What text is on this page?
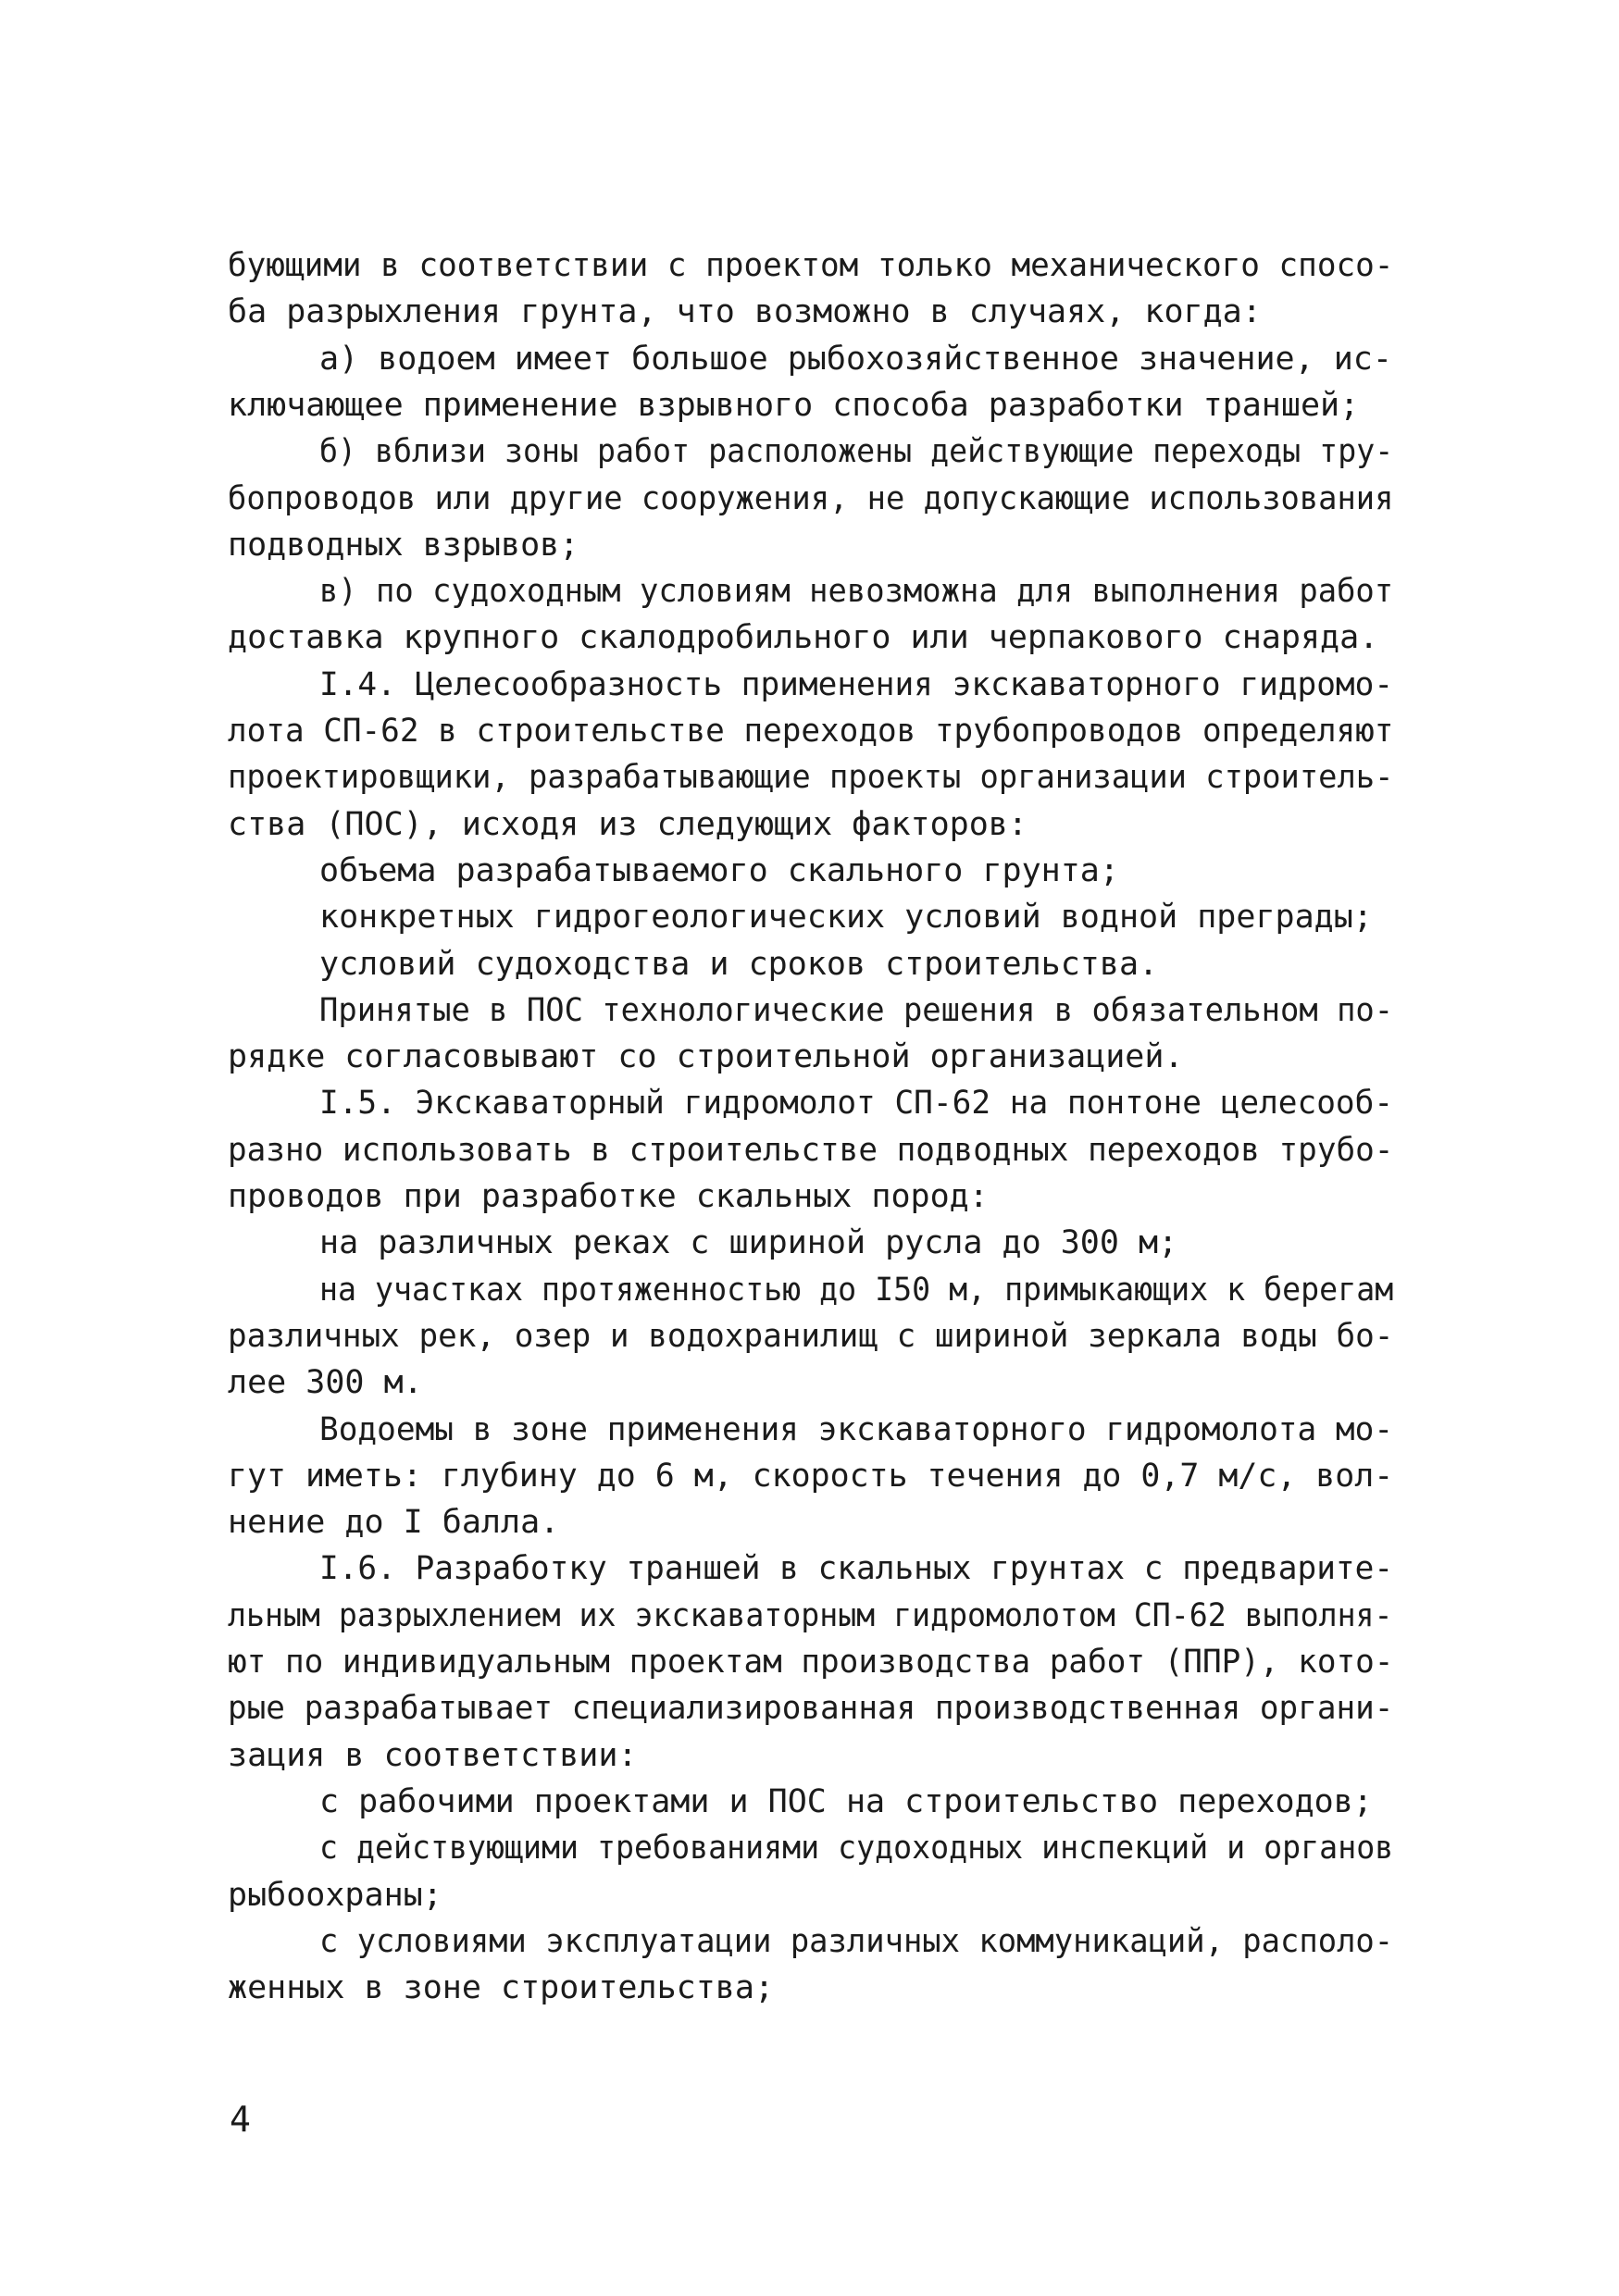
бующими в соответствии с проектом только механического спосо-
ба разрыхления грунта, что возможно в случаях, когда:
а) водоем имеет большое рыбохозяйственное значение, ис-
ключающее применение взрывного способа разработки траншей;
б) вблизи зоны работ расположены действующие переходы тру-
бопроводов или другие сооружения, не допускающие использования
подводных взрывов;
в) по судоходным условиям невозможна для выполнения работ
доставка крупного скалодробильного или черпакового снаряда.
I.4. Целесообразность применения экскаваторного гидромо-
лота СП-62 в строительстве переходов трубопроводов определяют
проектировщики, разрабатывающие проекты организации строитель-
ства (ПОС), исходя из следующих факторов:
объема разрабатываемого скального грунта;
конкретных гидрогеологических условий водной преграды;
условий судоходства и сроков строительства.
Принятые в ПОС технологические решения в обязательном по-
рядке согласовывают со строительной организацией.
I.5. Экскаваторный гидромолот СП-62 на понтоне целесооб-
разно использовать в строительстве подводных переходов трубо-
проводов при разработке скальных пород:
на различных реках с шириной русла до 300 м;
на участках протяженностью до I50 м, примыкающих к берегам
различных рек, озер и водохранилищ с шириной зеркала воды бо-
лее 300 м.
Водоемы в зоне применения экскаваторного гидромолота мо-
гут иметь: глубину до 6 м, скорость течения до 0,7 м/с, вол-
нение до I балла.
I.6. Разработку траншей в скальных грунтах с предварите-
льным разрыхлением их экскаваторным гидромолотом СП-62 выполня-
ют по индивидуальным проектам производства работ (ППР), кото-
рые разрабатывает специализированная производственная органи-
зация в соответствии:
с рабочими проектами и ПОС на строительство переходов;
с действующими требованиями судоходных инспекций и органов
рыбоохраны;
с условиями эксплуатации различных коммуникаций, располо-
женных в зоне строительства;
4
